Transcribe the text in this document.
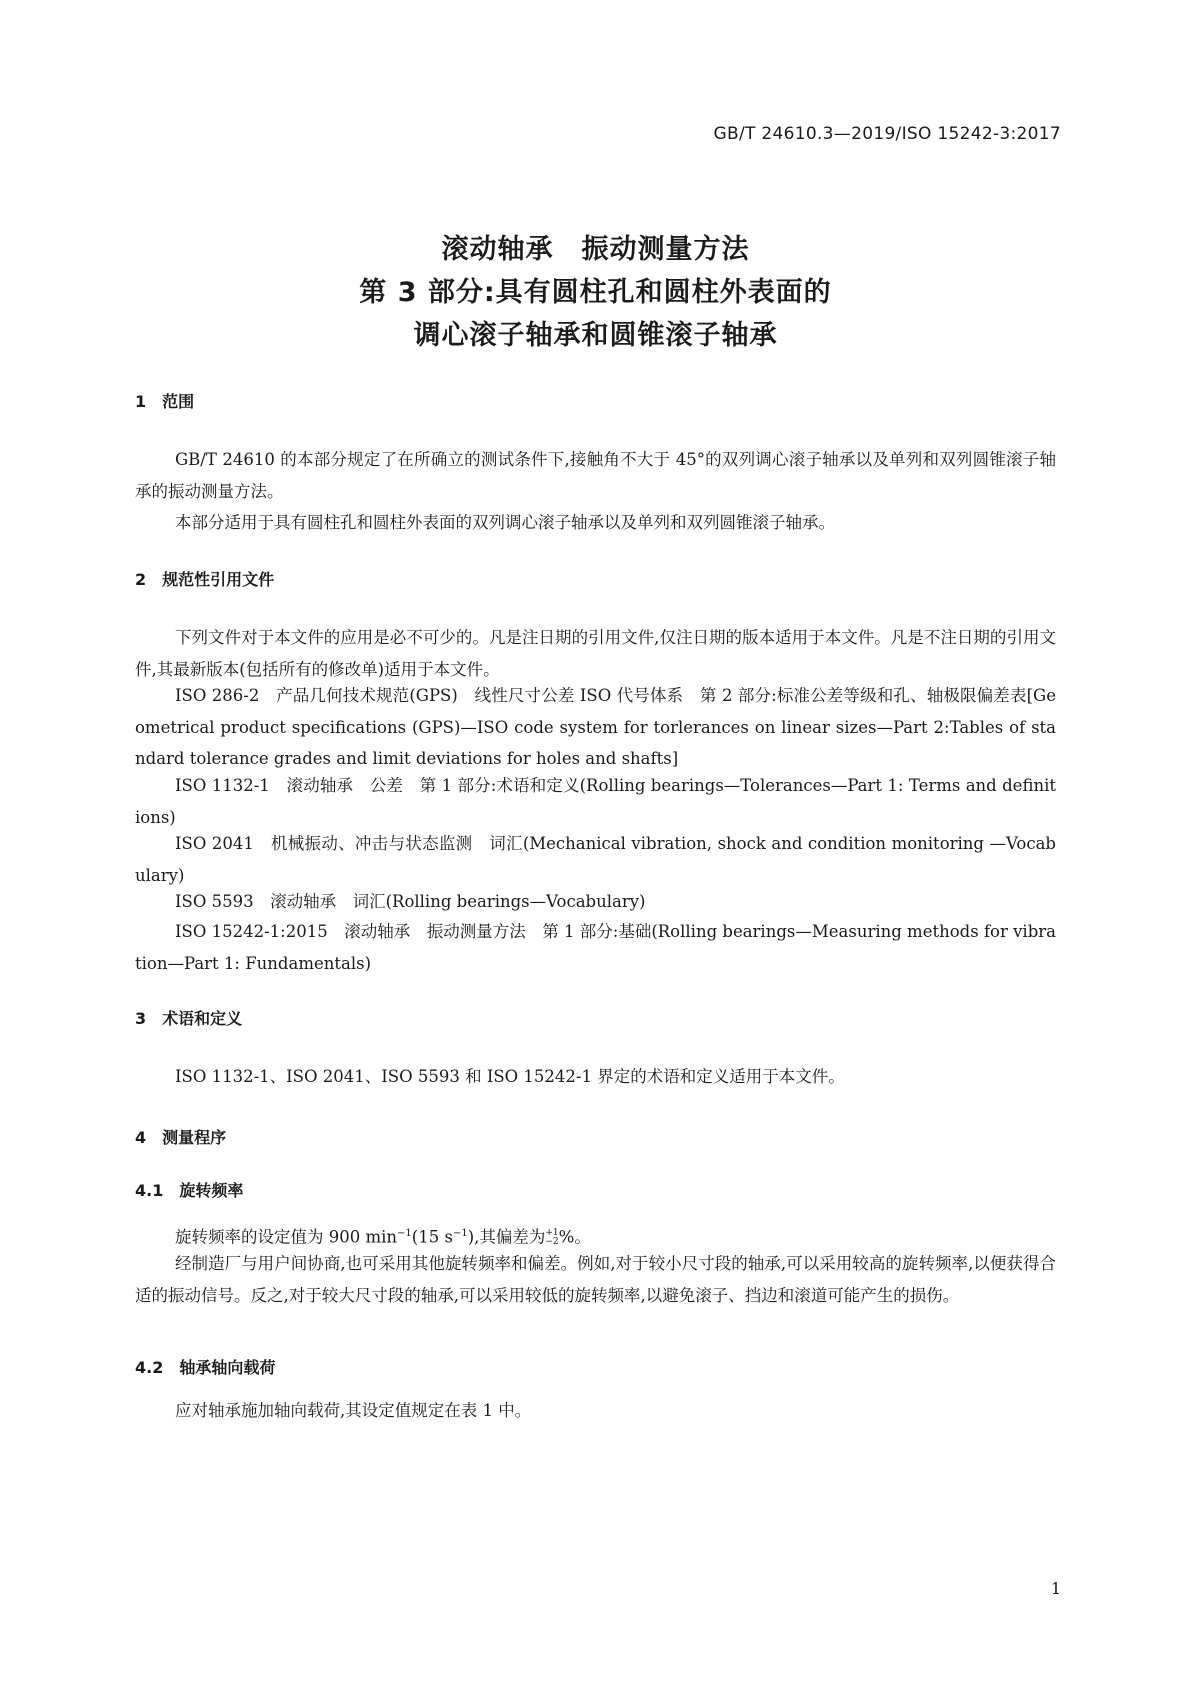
GB/T 24610.3—2019/ISO 15242-3:2017
滚动轴承　振动测量方法
第 3 部分:具有圆柱孔和圆柱外表面的
调心滚子轴承和圆锥滚子轴承
1　范围
GB/T 24610 的本部分规定了在所确立的测试条件下,接触角不大于 45°的双列调心滚子轴承以及单列和双列圆锥滚子轴承的振动测量方法。
本部分适用于具有圆柱孔和圆柱外表面的双列调心滚子轴承以及单列和双列圆锥滚子轴承。
2　规范性引用文件
下列文件对于本文件的应用是必不可少的。凡是注日期的引用文件,仅注日期的版本适用于本文件。凡是不注日期的引用文件,其最新版本(包括所有的修改单)适用于本文件。
ISO 286-2　产品几何技术规范(GPS)　线性尺寸公差 ISO 代号体系　第 2 部分:标准公差等级和孔、轴极限偏差表[Geometrical product specifications (GPS)—ISO code system for torlerances on linear sizes—Part 2:Tables of standard tolerance grades and limit deviations for holes and shafts]
ISO 1132-1　滚动轴承　公差　第 1 部分:术语和定义(Rolling bearings—Tolerances—Part 1: Terms and definitions)
ISO 2041　机械振动、冲击与状态监测　词汇(Mechanical vibration, shock and condition monitoring —Vocabulary)
ISO 5593　滚动轴承　词汇(Rolling bearings—Vocabulary)
ISO 15242-1:2015　滚动轴承　振动测量方法　第 1 部分:基础(Rolling bearings—Measuring methods for vibration—Part 1: Fundamentals)
3　术语和定义
ISO 1132-1、ISO 2041、ISO 5593 和 ISO 15242-1 界定的术语和定义适用于本文件。
4　测量程序
4.1　旋转频率
旋转频率的设定值为 900 $\min^{-1}(15$ $s^{-1}$),其偏差为 +1
−2 %。
经制造厂与用户间协商,也可采用其他旋转频率和偏差。例如,对于较小尺寸段的轴承,可以采用较高的旋转频率,以便获得合适的振动信号。反之,对于较大尺寸段的轴承,可以采用较低的旋转频率,以避免滚子、挡边和滚道可能产生的损伤。
4.2　轴承轴向载荷
应对轴承施加轴向载荷,其设定值规定在表 1 中。
1
